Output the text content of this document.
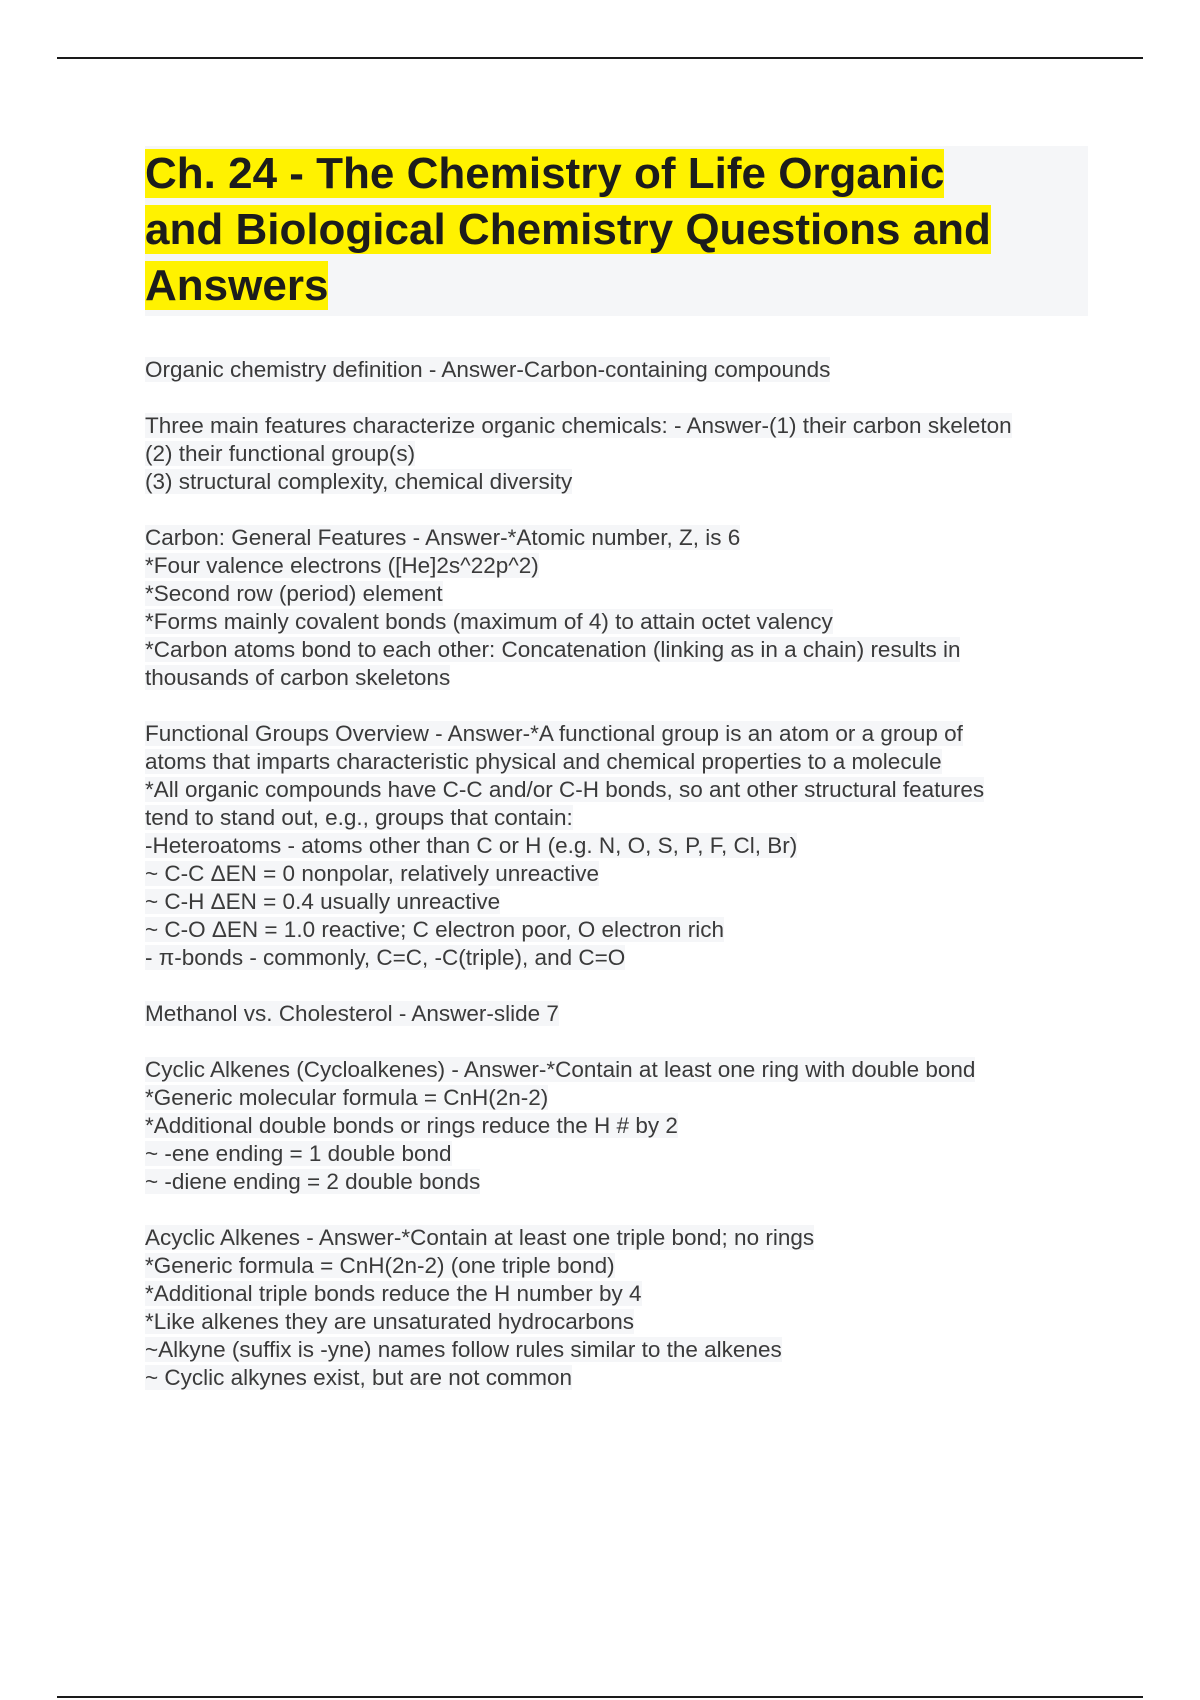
Ch. 24 - The Chemistry of Life Organic
and Biological Chemistry Questions and
Answers
Organic chemistry definition - Answer-Carbon-containing compounds
Three main features characterize organic chemicals: - Answer-(1) their carbon skeleton
(2) their functional group(s)
(3) structural complexity, chemical diversity
Carbon: General Features - Answer-*Atomic number, Z, is 6
*Four valence electrons ([He]2s^22p^2)
*Second row (period) element
*Forms mainly covalent bonds (maximum of 4) to attain octet valency
*Carbon atoms bond to each other: Concatenation (linking as in a chain) results in
thousands of carbon skeletons
Functional Groups Overview - Answer-*A functional group is an atom or a group of
atoms that imparts characteristic physical and chemical properties to a molecule
*All organic compounds have C-C and/or C-H bonds, so ant other structural features
tend to stand out, e.g., groups that contain:
-Heteroatoms - atoms other than C or H (e.g. N, O, S, P, F, Cl, Br)
~ C-C ΔEN = 0 nonpolar, relatively unreactive
~ C-H ΔEN = 0.4 usually unreactive
~ C-O ΔEN = 1.0 reactive; C electron poor, O electron rich
- π-bonds - commonly, C=C, -C(triple), and C=O
Methanol vs. Cholesterol - Answer-slide 7
Cyclic Alkenes (Cycloalkenes) - Answer-*Contain at least one ring with double bond
*Generic molecular formula = CnH(2n-2)
*Additional double bonds or rings reduce the H # by 2
~ -ene ending = 1 double bond
~ -diene ending = 2 double bonds
Acyclic Alkenes - Answer-*Contain at least one triple bond; no rings
*Generic formula = CnH(2n-2) (one triple bond)
*Additional triple bonds reduce the H number by 4
*Like alkenes they are unsaturated hydrocarbons
~Alkyne (suffix is -yne) names follow rules similar to the alkenes
~ Cyclic alkynes exist, but are not common
